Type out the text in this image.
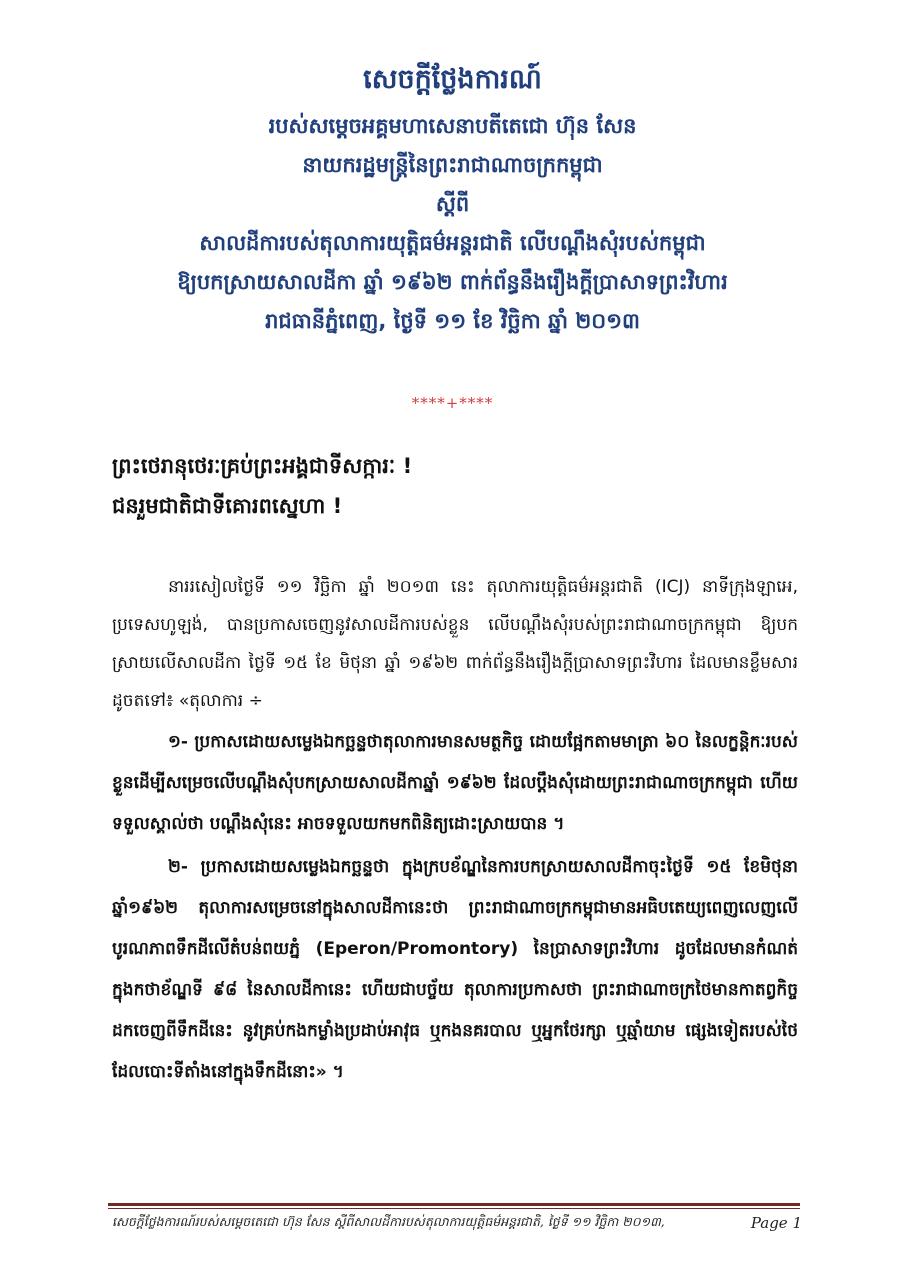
សេចក្ដីថ្លែងការណ៍

របស់សម្ដេចអគ្គមហាសេនាបតីតេជោ ហ៊ុន សែន

នាយករដ្ឋមន្ត្រីនៃព្រះរាជាណាចក្រកម្ពុជា

ស្ដីពី

សាលដីការបស់តុលាការយុត្តិធម៌អន្តរជាតិ លើបណ្ដឹងសុំរបស់កម្ពុជា

ឱ្យបកស្រាយសាលដីកា ឆ្នាំ ១៩៦២ ពាក់ព័ន្ធនឹងរឿងក្ដីប្រាសាទព្រះវិហារ

រាជធានីភ្នំពេញ, ថ្ងៃទី ១១ ខែ វិច្ឆិកា ឆ្នាំ ២០១៣

****+****

ព្រះថេរានុថេរៈគ្រប់ព្រះអង្គជាទីសក្ការៈ !

ជនរួមជាតិជាទីគោរពស្នេហា !

នាររសៀលថ្ងៃទី ១១ វិច្ឆិកា ឆ្នាំ ២០១៣ នេះ តុលាការយុត្តិធម៌អន្តរជាតិ (ICJ) នាទីក្រុងឡាអេ, ប្រទេសហូឡង់, បានប្រកាសចេញនូវសាលដីការបស់ខ្លួន លើបណ្ដឹងសុំរបស់ព្រះរាជាណាចក្រកម្ពុជា ឱ្យបកស្រាយលើសាលដីកា ថ្ងៃទី ១៥ ខែ មិថុនា ឆ្នាំ ១៩៦២ ពាក់ព័ន្ធនឹងរឿងក្ដីប្រាសាទព្រះវិហារ ដែលមានខ្លឹមសារ ដូចតទៅ៖ «តុលាការ ÷

១- ប្រកាសដោយសម្លេងឯកច្ឆន្ទថាតុលាការមានសមត្ថកិច្ច ដោយផ្អែកតាមមាត្រា ៦០ នៃលក្ខន្តិកៈរបស់ខ្លួនដើម្បីសម្រេចលើបណ្ដឹងសុំបកស្រាយសាលដីកាឆ្នាំ ១៩៦២ ដែលប្ដឹងសុំដោយព្រះរាជាណាចក្រកម្ពុជា ហើយទទួលស្គាល់ថា បណ្ដឹងសុំនេះ អាចទទួលយកមកពិនិត្យដោះស្រាយបាន ។

២- ប្រកាសដោយសម្លេងឯកច្ឆន្ទថា ក្នុងក្របខ័ណ្ឌនៃការបកស្រាយសាលដីកាចុះថ្ងៃទី ១៥ ខែមិថុនា ឆ្នាំ១៩៦២ តុលាការសម្រេចនៅក្នុងសាលដីកានេះថា ព្រះរាជាណាចក្រកម្ពុជាមានអធិបតេយ្យពេញលេញលើបូរណភាពទឹកដីលើតំបន់ពយភ្នំ (Eperon/Promontory) នៃប្រាសាទព្រះវិហារ ដូចដែលមានកំណត់ក្នុងកថាខ័ណ្ឌទី ៩៨ នៃសាលដីកានេះ ហើយជាបច្ច័យ តុលាការប្រកាសថា ព្រះរាជាណាចក្រថៃមានកាតព្វកិច្ចដកចេញពីទឹកដីនេះ នូវគ្រប់កងកម្លាំងប្រដាប់អាវុធ ឬកងនគរបាល ឬអ្នកថែរក្សា ឬឆ្មាំយាម ផ្សេងទៀតរបស់ថៃ ដែលបោះទីតាំងនៅក្នុងទឹកដីនោះ» ។

សេចក្ដីថ្លែងការណ៍របស់សម្ដេចតេជោ ហ៊ុន សែន ស្ដីពីសាលដីការបស់តុលាការយុត្តិធម៌អន្តរជាតិ, ថ្ងៃទី ១១ វិច្ឆិកា ២០១៣,	Page 1
